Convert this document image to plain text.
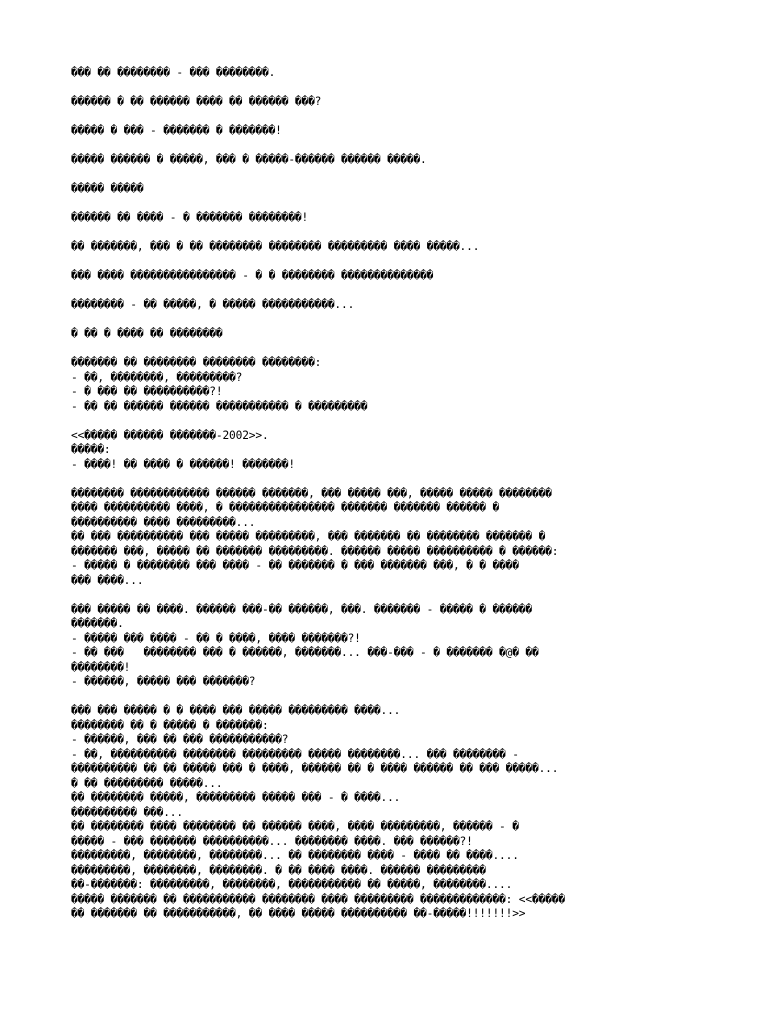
��� �� �������� - ��� ��������.
������ � �� ������ ���� �� ������ ���?
����� � ��� - ������� � �������!
����� ������ � �����, ��� � �����-������ ������ �����.
����� �����
������ �� ���� - � ������� ��������!
�� �������, ��� � �� �������� �������� ��������� ���� �����...
��� ���� ���������������� - � � �������� ��������������
�������� - �� �����, � ����� �����������...
� �� � ���� �� ��������
������� �� �������� �������� ��������:
- ��, ��������, ���������?
- � ��� �� ����������?!
- �� �� ������ ������ ����������� � ���������
<<����� ������ �������-2002>>.
�����:
- ����! �� ���� � ������! �������!
�������� ������������ ������ �������, ��� ����� ���, ����� ����� ��������
���� ���������� ����, � ���������������� ������� ������� ������ �
���������� ���� ���������...
�� ��� ���������� ��� ����� ���������, ��� ������� �� �������� ������� �
������� ���, ����� �� ������� ���������. ������ ����� ���������� � ������:
- ����� � �������� ��� ���� - �� ������� � ��� ������� ���, � � ����
��� ����...
��� ����� �� ����. ������ ���-�� ������, ���. ������� - ����� � ������
�������.
- ����� ��� ���� - �� � ����, ���� �������?!
- �� ���   �������� ��� � ������, �������... ���-��� - � ������� �@� ��
��������!
- ������, ����� ��� �������?
��� ��� ����� � � ���� ��� ����� ��������� ����...
�������� �� � ����� � �������:
- ������, ��� �� ��� �����������?
- ��, ���������� �������� ��������� ����� ��������... ��� �������� -
���������� �� �� ����� ��� � ����, ������ �� � ���� ������ �� ��� �����...
� �� ��������� �����...
�� �������� �����, ��������� ����� ��� - � ����...
���������� ���...
�� �������� ���� �������� �� ������ ����, ���� ���������, ������ - �
����� - ��� ������� ����������... �������� ����. ��� ������?!
���������, ��������, ��������... �� �������� ���� - ���� �� ����....
���������, ��������, ��������. � �� ���� ����. ������ ���������
��-�������: ���������, ��������, ����������� �� �����, ��������....
����� ������� �� ����������� �������� ���� ��������� �������������: <<�����
�� ������� �� �����������, �� ���� ����� ���������� ��-�����!!!!!!!>>
